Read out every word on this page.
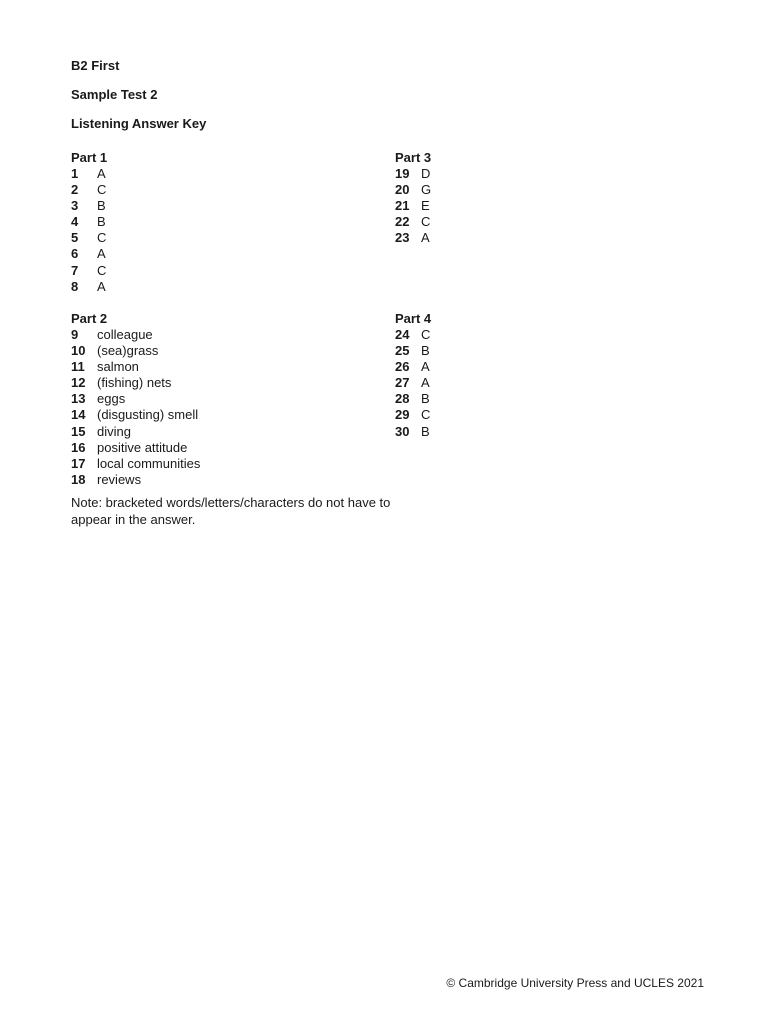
B2 First

Sample Test 2

Listening Answer Key

Part 1
1	A
2	C
3	B
4	B
5	C
6	A
7	C
8	A
Part 2
9	colleague
10 (sea)grass
11 salmon
12 (fishing) nets
13 eggs
14 (disgusting) smell
15 diving
16 positive attitude
17 local communities
18 reviews
Part 3
19 D
20 G
21 E
22 C
23 A
Part 4
24 C
25 B
26 A
27 A
28 B
29 C
30 B

Note: bracketed words/letters/characters do not have to appear in the answer.

© Cambridge University Press and UCLES 2021
